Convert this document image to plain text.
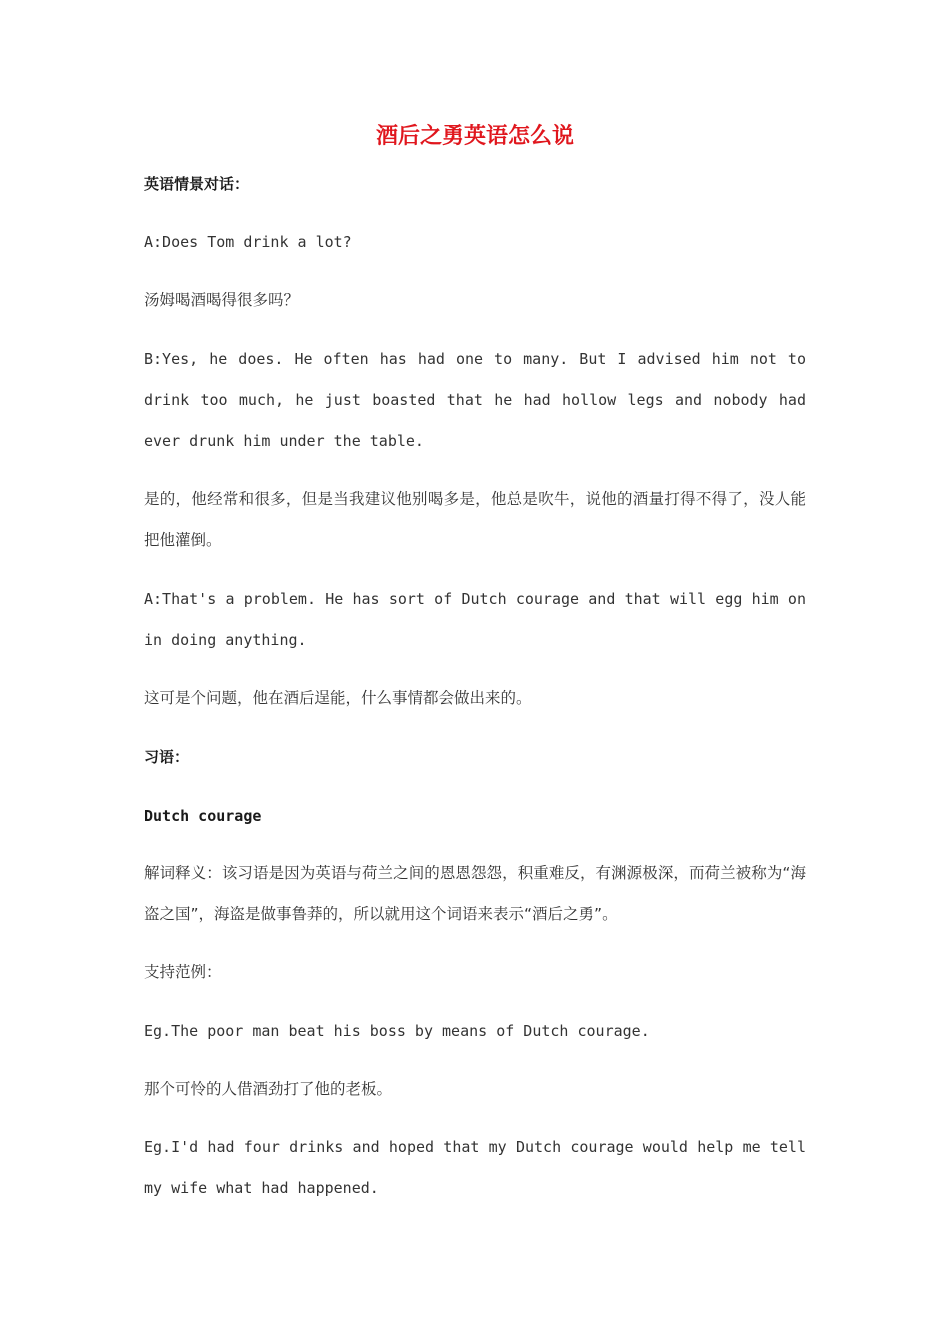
酒后之勇英语怎么说
英语情景对话：

A:Does Tom drink a lot?

汤姆喝酒喝得很多吗？

B:Yes, he does. He often has had one to many. But I advised him not to drink too much, he just boasted that he had hollow legs and nobody had ever drunk him under the table.

是的，他经常和很多，但是当我建议他别喝多是，他总是吹牛，说他的酒量打得不得了，没人能把他灌倒。

A:That's a problem. He has sort of Dutch courage and that will egg him on in doing anything.

这可是个问题，他在酒后逞能，什么事情都会做出来的。

习语：
Dutch courage

解词释义：该习语是因为英语与荷兰之间的恩恩怨怨，积重难反，有渊源极深，而荷兰被称为“海盗之国”，海盗是做事鲁莽的，所以就用这个词语来表示“酒后之勇”。

支持范例：

Eg.The poor man beat his boss by means of Dutch courage.

那个可怜的人借酒劲打了他的老板。

Eg.I'd had four drinks and hoped that my Dutch courage would help me tell my wife what had happened.
